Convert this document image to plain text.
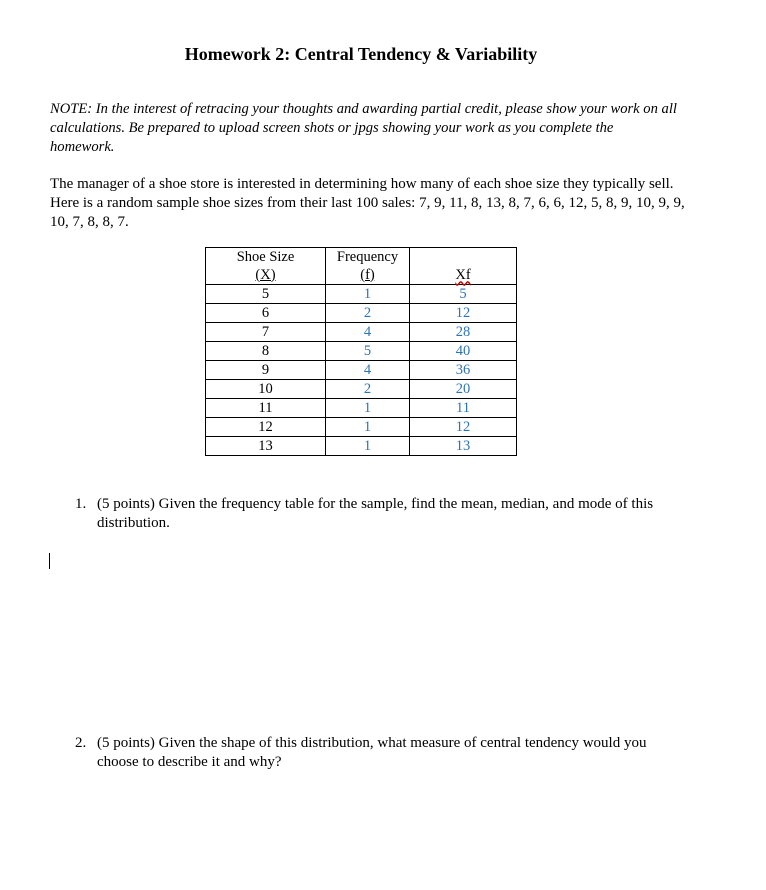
Homework 2: Central Tendency & Variability
NOTE: In the interest of retracing your thoughts and awarding partial credit, please show your work on all calculations. Be prepared to upload screen shots or jpgs showing your work as you complete the homework.
The manager of a shoe store is interested in determining how many of each shoe size they typically sell. Here is a random sample shoe sizes from their last 100 sales: 7, 9, 11, 8, 13, 8, 7, 6, 6, 12, 5, 8, 9, 10, 9, 9, 10, 7, 8, 8, 7.
Shoe Size	Frequency	
(X)	(f)	Xf
5	1	5
6	2	12
7	4	28
8	5	40
9	4	36
10	2	20
11	1	11
12	1	12
13	1	13
1. (5 points) Given the frequency table for the sample, find the mean, median, and mode of this distribution.
2. (5 points) Given the shape of this distribution, what measure of central tendency would you choose to describe it and why?
